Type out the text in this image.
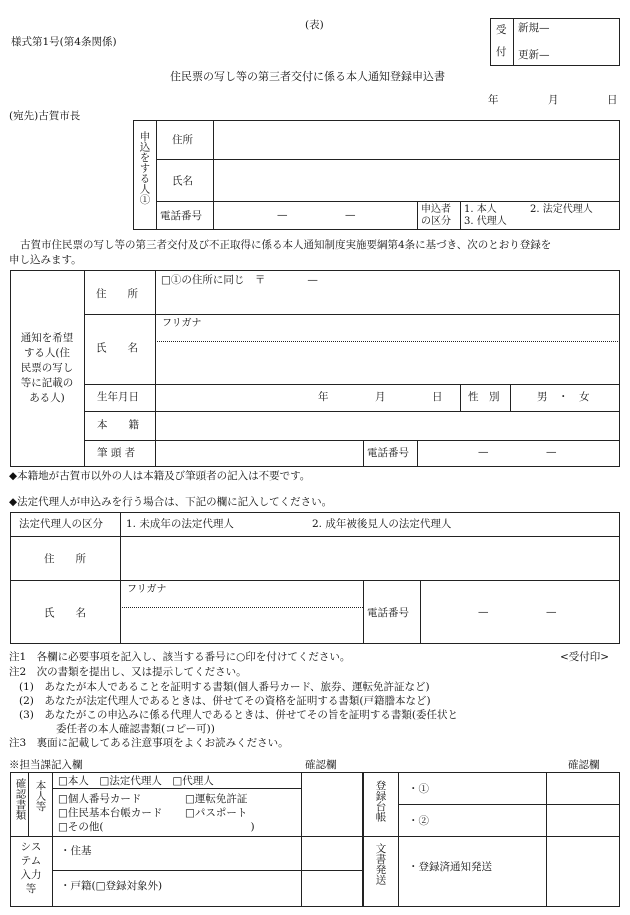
(表)
様式第1号(第4条関係)
受
付
新規—
更新—
住民票の写し等の第三者交付に係る本人通知登録申込書
年	月	日
(宛先)古賀市長
申込をする人① 住所
氏名
電話番号	—	—	申込者
の区分
1. 本人	2. 法定代理人
3. 代理人
古賀市住民票の写し等の第三者交付及び不正取得に係る本人通知制度実施要綱第4条に基づき、次のとおり登録を
申し込みます。
通知を希望
する人(住
民票の写し
等に記載の
ある人)
住　　所
□①の住所に同じ　〒　　　　—
氏　　名
フリガナ
生年月日	年	月	日 性　別	男　・　女
本　　籍
筆 頭 者	電話番号	—	—
◆本籍地が古賀市以外の人は本籍及び筆頭者の記入は不要です。
◆法定代理人が申込みを行う場合は、下記の欄に記入してください。
法定代理人の区分 1. 未成年の法定代理人	2. 成年被後見人の法定代理人
住　　所
氏　　名
フリガナ
電話番号	—	—
注1　各欄に必要事項を記入し、該当する番号に○印を付けてください。	<受付印>
注2　次の書類を提出し、又は提示してください。
(1)　あなたが本人であることを証明する書類(個人番号カード、旅券、運転免許証など)
(2)　あなたが法定代理人であるときは、併せてその資格を証明する書類(戸籍謄本など)
(3)　あなたがこの申込みに係る代理人であるときは、併せてその旨を証明する書類(委任状と
委任者の本人確認書類(コピー可))
注3　裏面に記載してある注意事項をよくお読みください。
※担当課記入欄	確認欄	確認欄
確認書類 本人等 □本人　□法定代理人　□代理人
□個人番号カード	□運転免許証
□住民基本台帳カード □パスポート
□その他(　　　　　　　　　　　　　　)
シス
テム
入力
等
・住基
・戸籍(□登録対象外)
登録台帳 ・①
・②
文書発送 ・登録済通知発送
